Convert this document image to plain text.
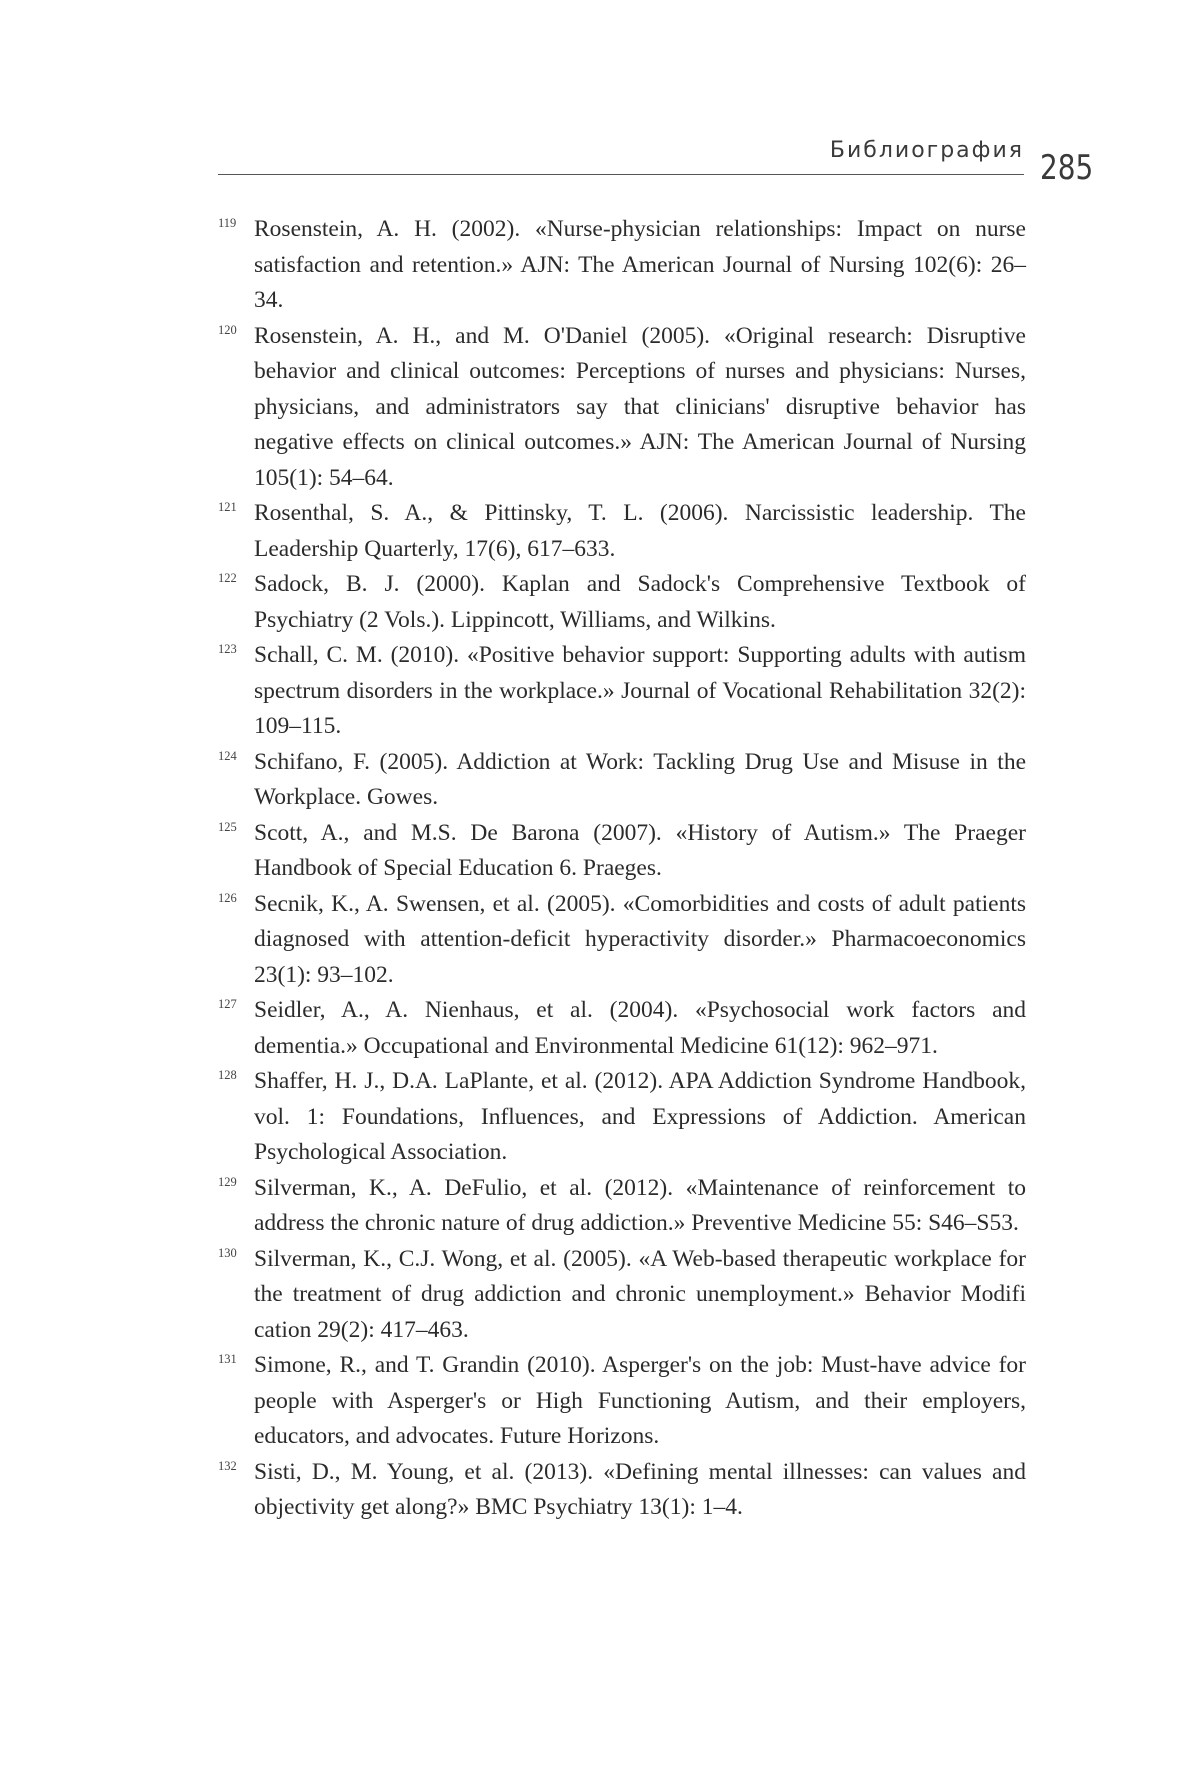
Библиография 285
119 Rosenstein, A. H. (2002). «Nurse-physician relationships: Impact on nurse satisfaction and retention.» AJN: The American Journal of Nursing 102(6): 26–34.
120 Rosenstein, A. H., and M. O'Daniel (2005). «Original research: Disruptive behavior and clinical outcomes: Perceptions of nurses and physicians: Nurses, physicians, and administrators say that clinicians' disruptive behavior has negative effects on clinical outcomes.» AJN: The American Journal of Nursing 105(1): 54–64.
121 Rosenthal, S. A., & Pittinsky, T. L. (2006). Narcissistic leadership. The Leadership Quarterly, 17(6), 617–633.
122 Sadock, B. J. (2000). Kaplan and Sadock's Comprehensive Textbook of Psychiatry (2 Vols.). Lippincott, Williams, and Wilkins.
123 Schall, C. M. (2010). «Positive behavior support: Supporting adults with autism spectrum disorders in the workplace.» Journal of Vocational Rehabilitation 32(2): 109–115.
124 Schifano, F. (2005). Addiction at Work: Tackling Drug Use and Misuse in the Workplace. Gowes.
125 Scott, A., and M.S. De Barona (2007). «History of Autism.» The Praeger Handbook of Special Education 6. Praeges.
126 Secnik, K., A. Swensen, et al. (2005). «Comorbidities and costs of adult patients diagnosed with attention-deficit hyperactivity disorder.» Pharmacoeconomics 23(1): 93–102.
127 Seidler, A., A. Nienhaus, et al. (2004). «Psychosocial work factors and dementia.» Occupational and Environmental Medicine 61(12): 962–971.
128 Shaffer, H. J., D.A. LaPlante, et al. (2012). APA Addiction Syndrome Handbook, vol. 1: Foundations, Influences, and Expressions of Addiction. American Psychological Association.
129 Silverman, K., A. DeFulio, et al. (2012). «Maintenance of reinforcement to address the chronic nature of drug addiction.» Preventive Medicine 55: S46–S53.
130 Silverman, K., C.J. Wong, et al. (2005). «A Web-based therapeutic workplace for the treatment of drug addiction and chronic unemployment.» Behavior Modifi cation 29(2): 417–463.
131 Simone, R., and T. Grandin (2010). Asperger's on the job: Must-have advice for people with Asperger's or High Functioning Autism, and their employers, educators, and advocates. Future Horizons.
132 Sisti, D., M. Young, et al. (2013). «Defining mental illnesses: can values and objectivity get along?» BMC Psychiatry 13(1): 1–4.
